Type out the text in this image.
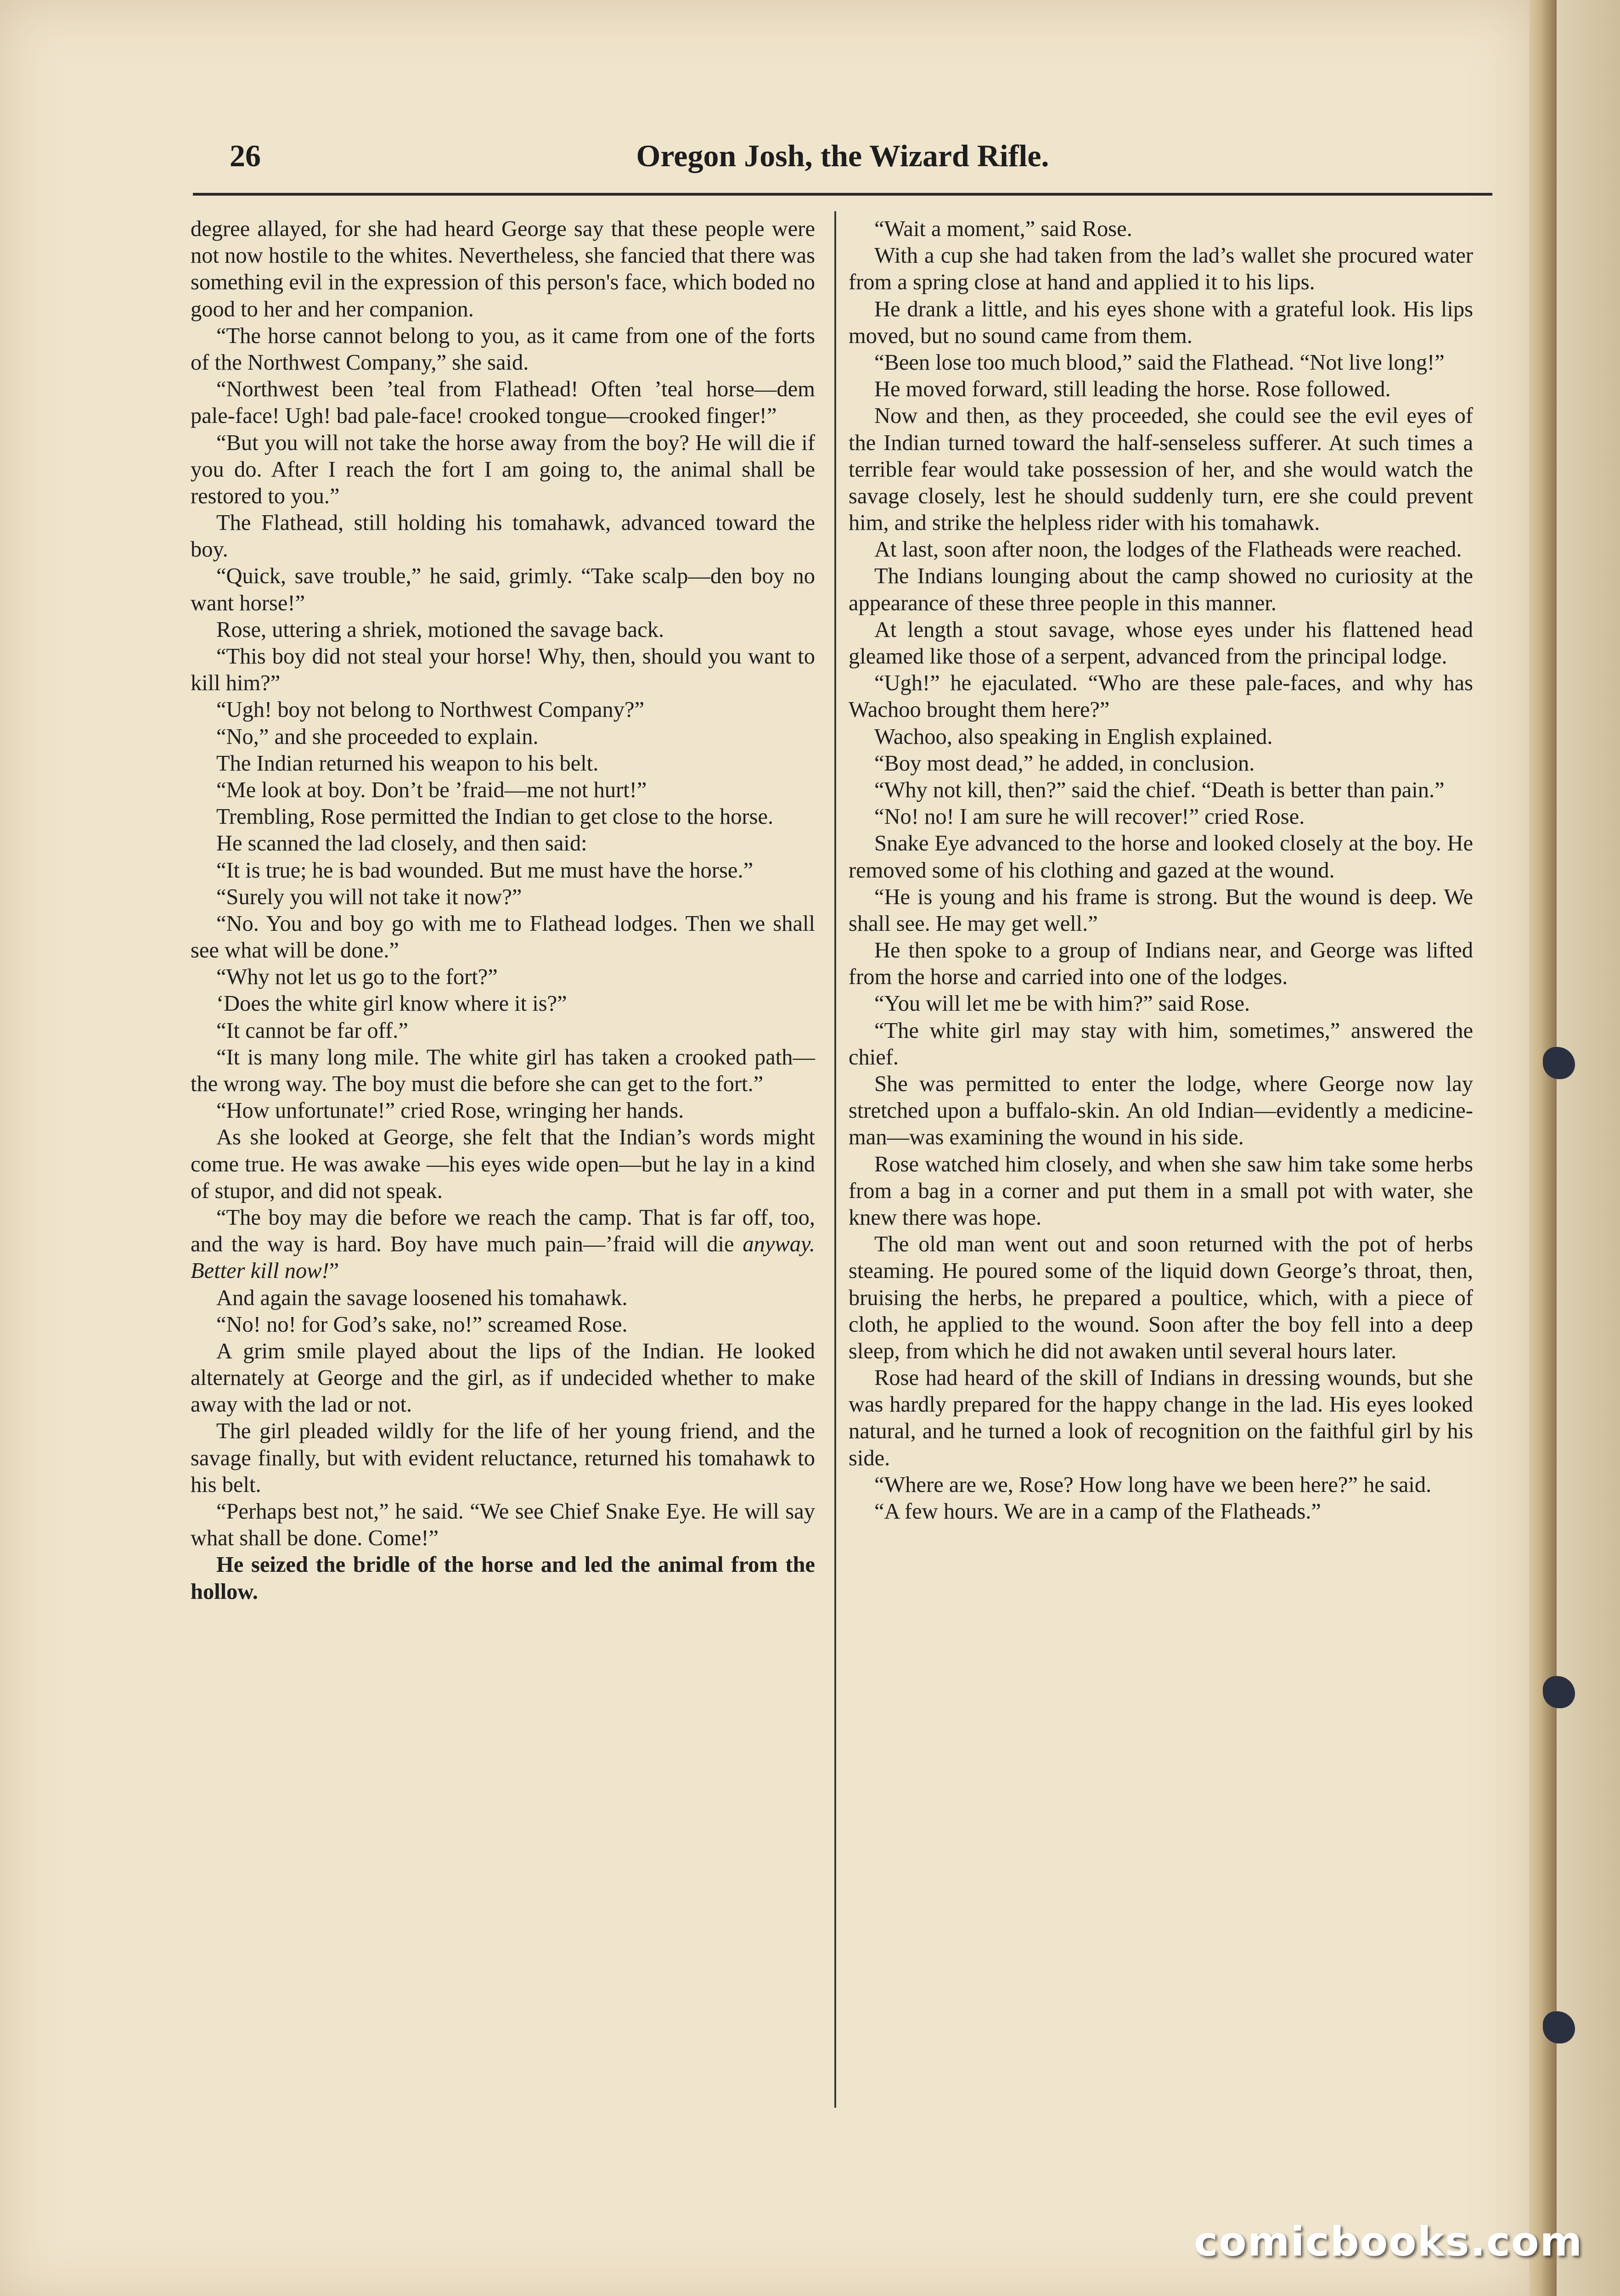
26	Oregon Josh, the Wizard Rifle.

degree allayed, for she had heard George say that these people were not now hostile to the whites. Nevertheless, she fancied that there was something evil in the expression of this person's face, which boded no good to her and her companion.

“The horse cannot belong to you, as it came from one of the forts of the Northwest Company,” she said.

“Northwest been ’teal from Flathead! Often ’teal horse—dem pale-face! Ugh! bad pale-face! crooked tongue—crooked finger!”

“But you will not take the horse away from the boy? He will die if you do. After I reach the fort I am going to, the animal shall be restored to you.”

The Flathead, still holding his tomahawk, advanced toward the boy.

“Quick, save trouble,” he said, grimly. “Take scalp—den boy no want horse!”

Rose, uttering a shriek, motioned the savage back.

“This boy did not steal your horse! Why, then, should you want to kill him?”

“Ugh! boy not belong to Northwest Company?”

“No,” and she proceeded to explain.

The Indian returned his weapon to his belt.

“Me look at boy. Don’t be ’fraid—me not hurt!”

Trembling, Rose permitted the Indian to get close to the horse.

He scanned the lad closely, and then said:

“It is true; he is bad wounded. But me must have the horse.”

“Surely you will not take it now?”

“No. You and boy go with me to Flathead lodges. Then we shall see what will be done.”

“Why not let us go to the fort?”

‘Does the white girl know where it is?”

“It cannot be far off.”

“It is many long mile. The white girl has taken a crooked path—the wrong way. The boy must die before she can get to the fort.”

“How unfortunate!” cried Rose, wringing her hands.

As she looked at George, she felt that the Indian’s words might come true. He was awake —his eyes wide open—but he lay in a kind of stupor, and did not speak.

“The boy may die before we reach the camp. That is far off, too, and the way is hard. Boy have much pain—’fraid will die anyway. Better kill now!”

And again the savage loosened his tomahawk.

“No! no! for God’s sake, no!” screamed Rose.

A grim smile played about the lips of the Indian. He looked alternately at George and the girl, as if undecided whether to make away with the lad or not.

The girl pleaded wildly for the life of her young friend, and the savage finally, but with evident reluctance, returned his tomahawk to his belt.

“Perhaps best not,” he said. “We see Chief Snake Eye. He will say what shall be done. Come!”

He seized the bridle of the horse and led the animal from the hollow.

“Wait a moment,” said Rose.

With a cup she had taken from the lad’s wallet she procured water from a spring close at hand and applied it to his lips.

He drank a little, and his eyes shone with a grateful look. His lips moved, but no sound came from them.

“Been lose too much blood,” said the Flathead. “Not live long!”

He moved forward, still leading the horse. Rose followed.

Now and then, as they proceeded, she could see the evil eyes of the Indian turned toward the half-senseless sufferer. At such times a terrible fear would take possession of her, and she would watch the savage closely, lest he should suddenly turn, ere she could prevent him, and strike the helpless rider with his tomahawk.

At last, soon after noon, the lodges of the Flatheads were reached.

The Indians lounging about the camp showed no curiosity at the appearance of these three people in this manner.

At length a stout savage, whose eyes under his flattened head gleamed like those of a serpent, advanced from the principal lodge.

“Ugh!” he ejaculated. “Who are these pale-faces, and why has Wachoo brought them here?”

Wachoo, also speaking in English explained.

“Boy most dead,” he added, in conclusion.

“Why not kill, then?” said the chief. “Death is better than pain.”

“No! no! I am sure he will recover!” cried Rose.

Snake Eye advanced to the horse and looked closely at the boy. He removed some of his clothing and gazed at the wound.

“He is young and his frame is strong. But the wound is deep. We shall see. He may get well.”

He then spoke to a group of Indians near, and George was lifted from the horse and carried into one of the lodges.

“You will let me be with him?” said Rose.

“The white girl may stay with him, sometimes,” answered the chief.

She was permitted to enter the lodge, where George now lay stretched upon a buffalo-skin. An old Indian—evidently a medicine-man—was examining the wound in his side.

Rose watched him closely, and when she saw him take some herbs from a bag in a corner and put them in a small pot with water, she knew there was hope.

The old man went out and soon returned with the pot of herbs steaming. He poured some of the liquid down George’s throat, then, bruising the herbs, he prepared a poultice, which, with a piece of cloth, he applied to the wound. Soon after the boy fell into a deep sleep, from which he did not awaken until several hours later.

Rose had heard of the skill of Indians in dressing wounds, but she was hardly prepared for the happy change in the lad. His eyes looked natural, and he turned a look of recognition on the faithful girl by his side.

“Where are we, Rose? How long have we been here?” he said.

“A few hours. We are in a camp of the Flatheads.”

comicbooks.com
